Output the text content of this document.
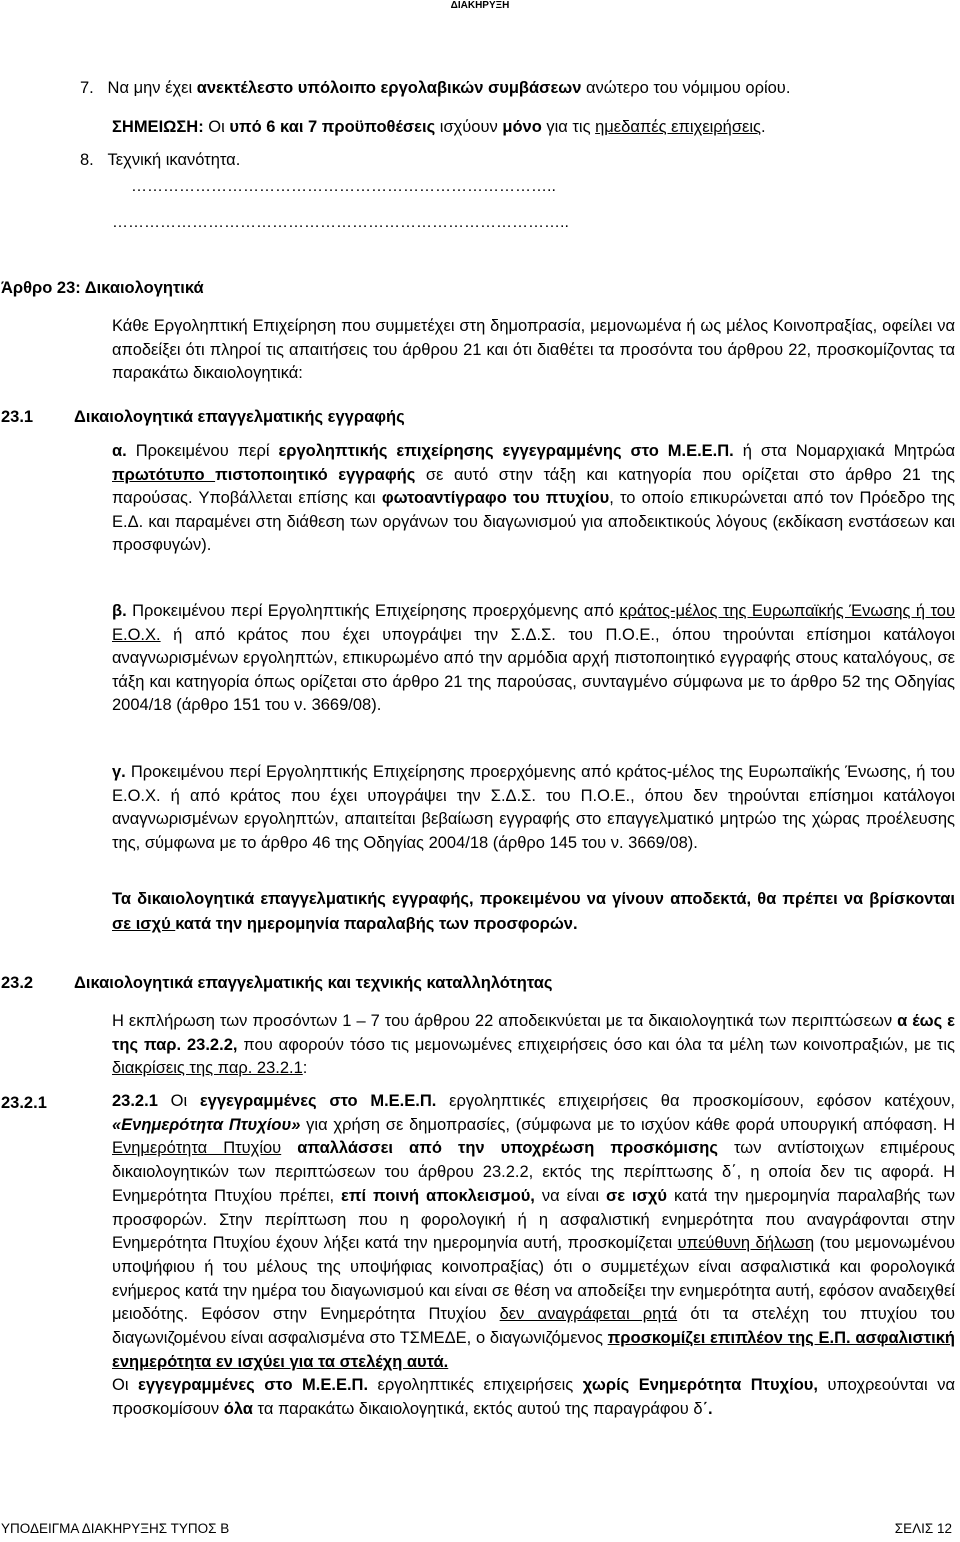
ΔΙΑΚΗΡΥΞΗ
7. Να μην έχει ανεκτέλεστο υπόλοιπο εργολαβικών συμβάσεων ανώτερο του νόμιμου ορίου.
ΣΗΜΕΙΩΣΗ: Οι υπό 6 και 7 προϋποθέσεις ισχύουν μόνο για τις ημεδαπές επιχειρήσεις.
8. Τεχνική ικανότητα.
……………………………………………………………………..
…………………………………………………………………………..
Άρθρο 23: Δικαιολογητικά
Κάθε Εργοληπτική Επιχείρηση που συμμετέχει στη δημοπρασία, μεμονωμένα ή ως μέλος Κοινοπραξίας, οφείλει να αποδείξει ότι πληροί τις απαιτήσεις του άρθρου 21 και ότι διαθέτει τα προσόντα του άρθρου 22, προσκομίζοντας τα παρακάτω δικαιολογητικά:
23.1 Δικαιολογητικά επαγγελματικής εγγραφής
α. Προκειμένου περί εργοληπτικής επιχείρησης εγγεγραμμένης στο Μ.Ε.Ε.Π. ή στα Νομαρχιακά Μητρώα πρωτότυπο πιστοποιητικό εγγραφής σε αυτό στην τάξη και κατηγορία που ορίζεται στο άρθρο 21 της παρούσας. Υποβάλλεται επίσης και φωτοαντίγραφο του πτυχίου, το οποίο επικυρώνεται από τον Πρόεδρο της Ε.Δ. και παραμένει στη διάθεση των οργάνων του διαγωνισμού για αποδεικτικούς λόγους (εκδίκαση ενστάσεων και προσφυγών).
β. Προκειμένου περί Εργοληπτικής Επιχείρησης προερχόμενης από κράτος-μέλος της Ευρωπαϊκής Ένωσης ή του Ε.Ο.Χ. ή από κράτος που έχει υπογράψει την Σ.Δ.Σ. του Π.Ο.Ε., όπου τηρούνται επίσημοι κατάλογοι αναγνωρισμένων εργοληπτών, επικυρωμένο από την αρμόδια αρχή πιστοποιητικό εγγραφής στους καταλόγους, σε τάξη και κατηγορία όπως ορίζεται στο άρθρο 21 της παρούσας, συνταγμένο σύμφωνα με το άρθρο 52 της Οδηγίας 2004/18 (άρθρο 151 του ν. 3669/08).
γ. Προκειμένου περί Εργοληπτικής Επιχείρησης προερχόμενης από κράτος-μέλος της Ευρωπαϊκής Ένωσης, ή του Ε.Ο.Χ. ή από κράτος που έχει υπογράψει την Σ.Δ.Σ. του Π.Ο.Ε., όπου δεν τηρούνται επίσημοι κατάλογοι αναγνωρισμένων εργοληπτών, απαιτείται βεβαίωση εγγραφής στο επαγγελματικό μητρώο της χώρας προέλευσης της, σύμφωνα με το άρθρο 46 της Οδηγίας 2004/18 (άρθρο 145 του ν. 3669/08).
Τα δικαιολογητικά επαγγελματικής εγγραφής, προκειμένου να γίνουν αποδεκτά, θα πρέπει να βρίσκονται σε ισχύ κατά την ημερομηνία παραλαβής των προσφορών.
23.2 Δικαιολογητικά επαγγελματικής και τεχνικής καταλληλότητας
Η εκπλήρωση των προσόντων 1 – 7 του άρθρου 22 αποδεικνύεται με τα δικαιολογητικά των περιπτώσεων α έως ε της παρ. 23.2.2, που αφορούν τόσο τις μεμονωμένες επιχειρήσεις όσο και όλα τα μέλη των κοινοπραξιών, με τις διακρίσεις της παρ. 23.2.1:
23.2.1	23.2.1 Οι εγγεγραμμένες στο Μ.Ε.Ε.Π. εργοληπτικές επιχειρήσεις θα προσκομίσουν, εφόσον κατέχουν, «Ενημερότητα Πτυχίου» για χρήση σε δημοπρασίες, (σύμφωνα με το ισχύον κάθε φορά υπουργική απόφαση. Η Ενημερότητα Πτυχίου απαλλάσσει από την υποχρέωση προσκόμισης των αντίστοιχων επιμέρους δικαιολογητικών των περιπτώσεων του άρθρου 23.2.2, εκτός της περίπτωσης δ΄, η οποία δεν τις αφορά. Η Ενημερότητα Πτυχίου πρέπει, επί ποινή αποκλεισμού, να είναι σε ισχύ κατά την ημερομηνία παραλαβής των προσφορών. Στην περίπτωση που η φορολογική ή η ασφαλιστική ενημερότητα που αναγράφονται στην Ενημερότητα Πτυχίου έχουν λήξει κατά την ημερομηνία αυτή, προσκομίζεται υπεύθυνη δήλωση (του μεμονωμένου υποψήφιου ή του μέλους της υποψήφιας κοινοπραξίας) ότι ο συμμετέχων είναι ασφαλιστικά και φορολογικά ενήμερος κατά την ημέρα του διαγωνισμού και είναι σε θέση να αποδείξει την ενημερότητα αυτή, εφόσον αναδειχθεί μειοδότης. Εφόσον στην Ενημερότητα Πτυχίου δεν αναγράφεται ρητά ότι τα στελέχη του πτυχίου του διαγωνιζομένου είναι ασφαλισμένα στο ΤΣΜΕΔΕ, ο διαγωνιζόμενος προσκομίζει επιπλέον της Ε.Π. ασφαλιστική ενημερότητα εν ισχύει για τα στελέχη αυτά.
Οι εγγεγραμμένες στο Μ.Ε.Ε.Π. εργοληπτικές επιχειρήσεις χωρίς Ενημερότητα Πτυχίου, υποχρεούνται να προσκομίσουν όλα τα παρακάτω δικαιολογητικά, εκτός αυτού της παραγράφου δ΄.
ΥΠΟΔΕΙΓΜΑ ΔΙΑΚΗΡΥΞΗΣ ΤΥΠΟΣ Β	ΣΕΛΙΣ 12
